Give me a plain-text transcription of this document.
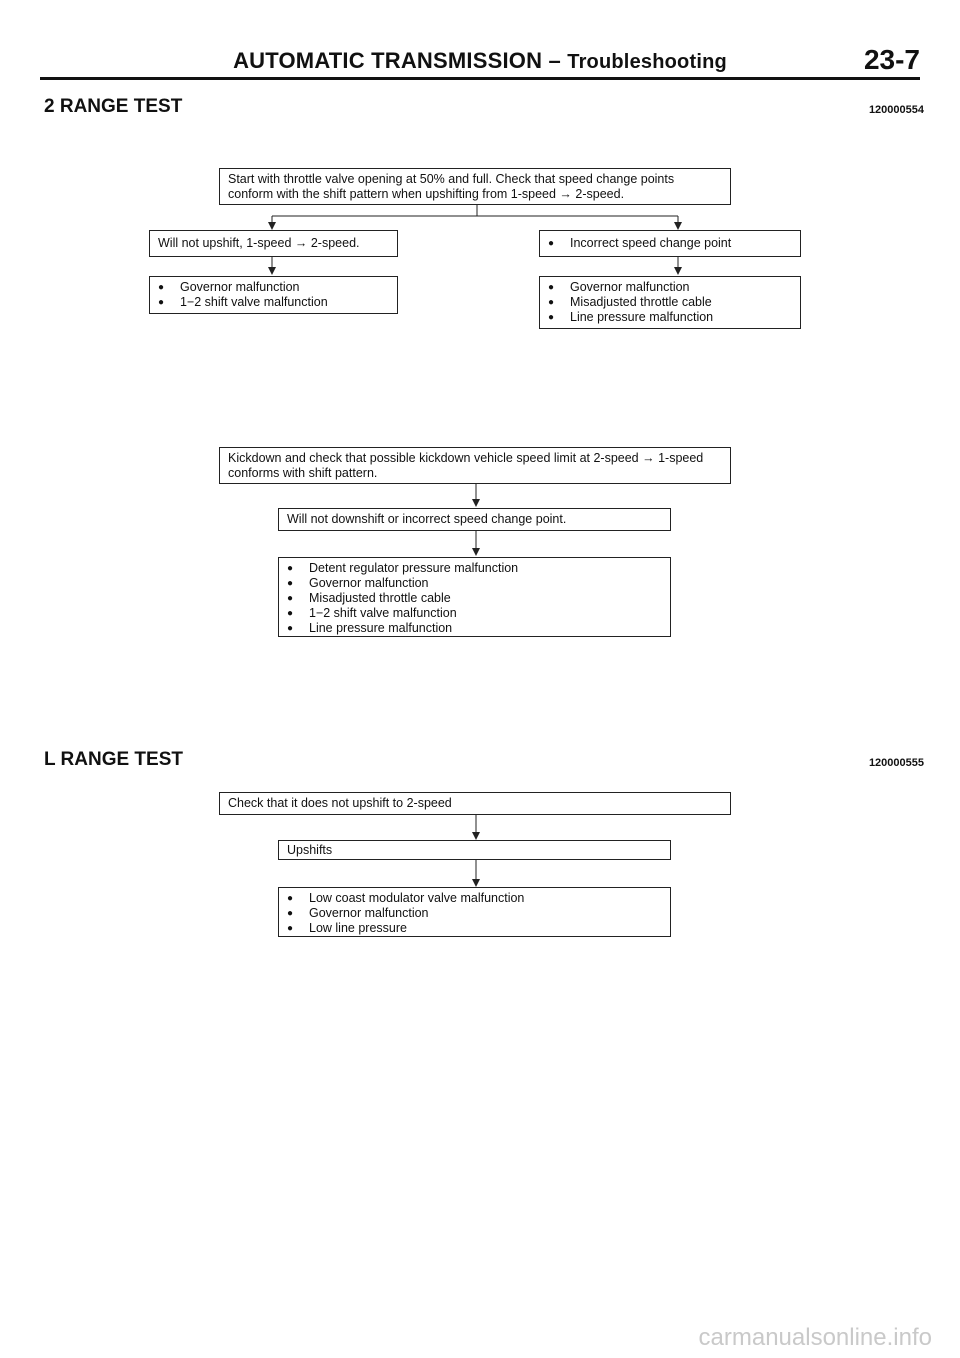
AUTOMATIC TRANSMISSION – Troubleshooting	23-7
2 RANGE TEST	120000554
Start with throttle valve opening at 50% and full. Check that speed change points
conform with the shift pattern when upshifting from 1-speed → 2-speed.
Will not upshift, 1-speed → 2-speed.	●	Incorrect speed change point
●	Governor malfunction
●	1−2 shift valve malfunction
●	Governor malfunction
●	Misadjusted throttle cable
●	Line pressure malfunction
Kickdown and check that possible kickdown vehicle speed limit at 2-speed → 1-speed
conforms with shift pattern.
Will not downshift or incorrect speed change point.
●	Detent regulator pressure malfunction
●	Governor malfunction
●	Misadjusted throttle cable
●	1−2 shift valve malfunction
●	Line pressure malfunction
L RANGE TEST	120000555
Check that it does not upshift to 2-speed
Upshifts
●	Low coast modulator valve malfunction
●	Governor malfunction
●	Low line pressure
carmanualsonline.info
